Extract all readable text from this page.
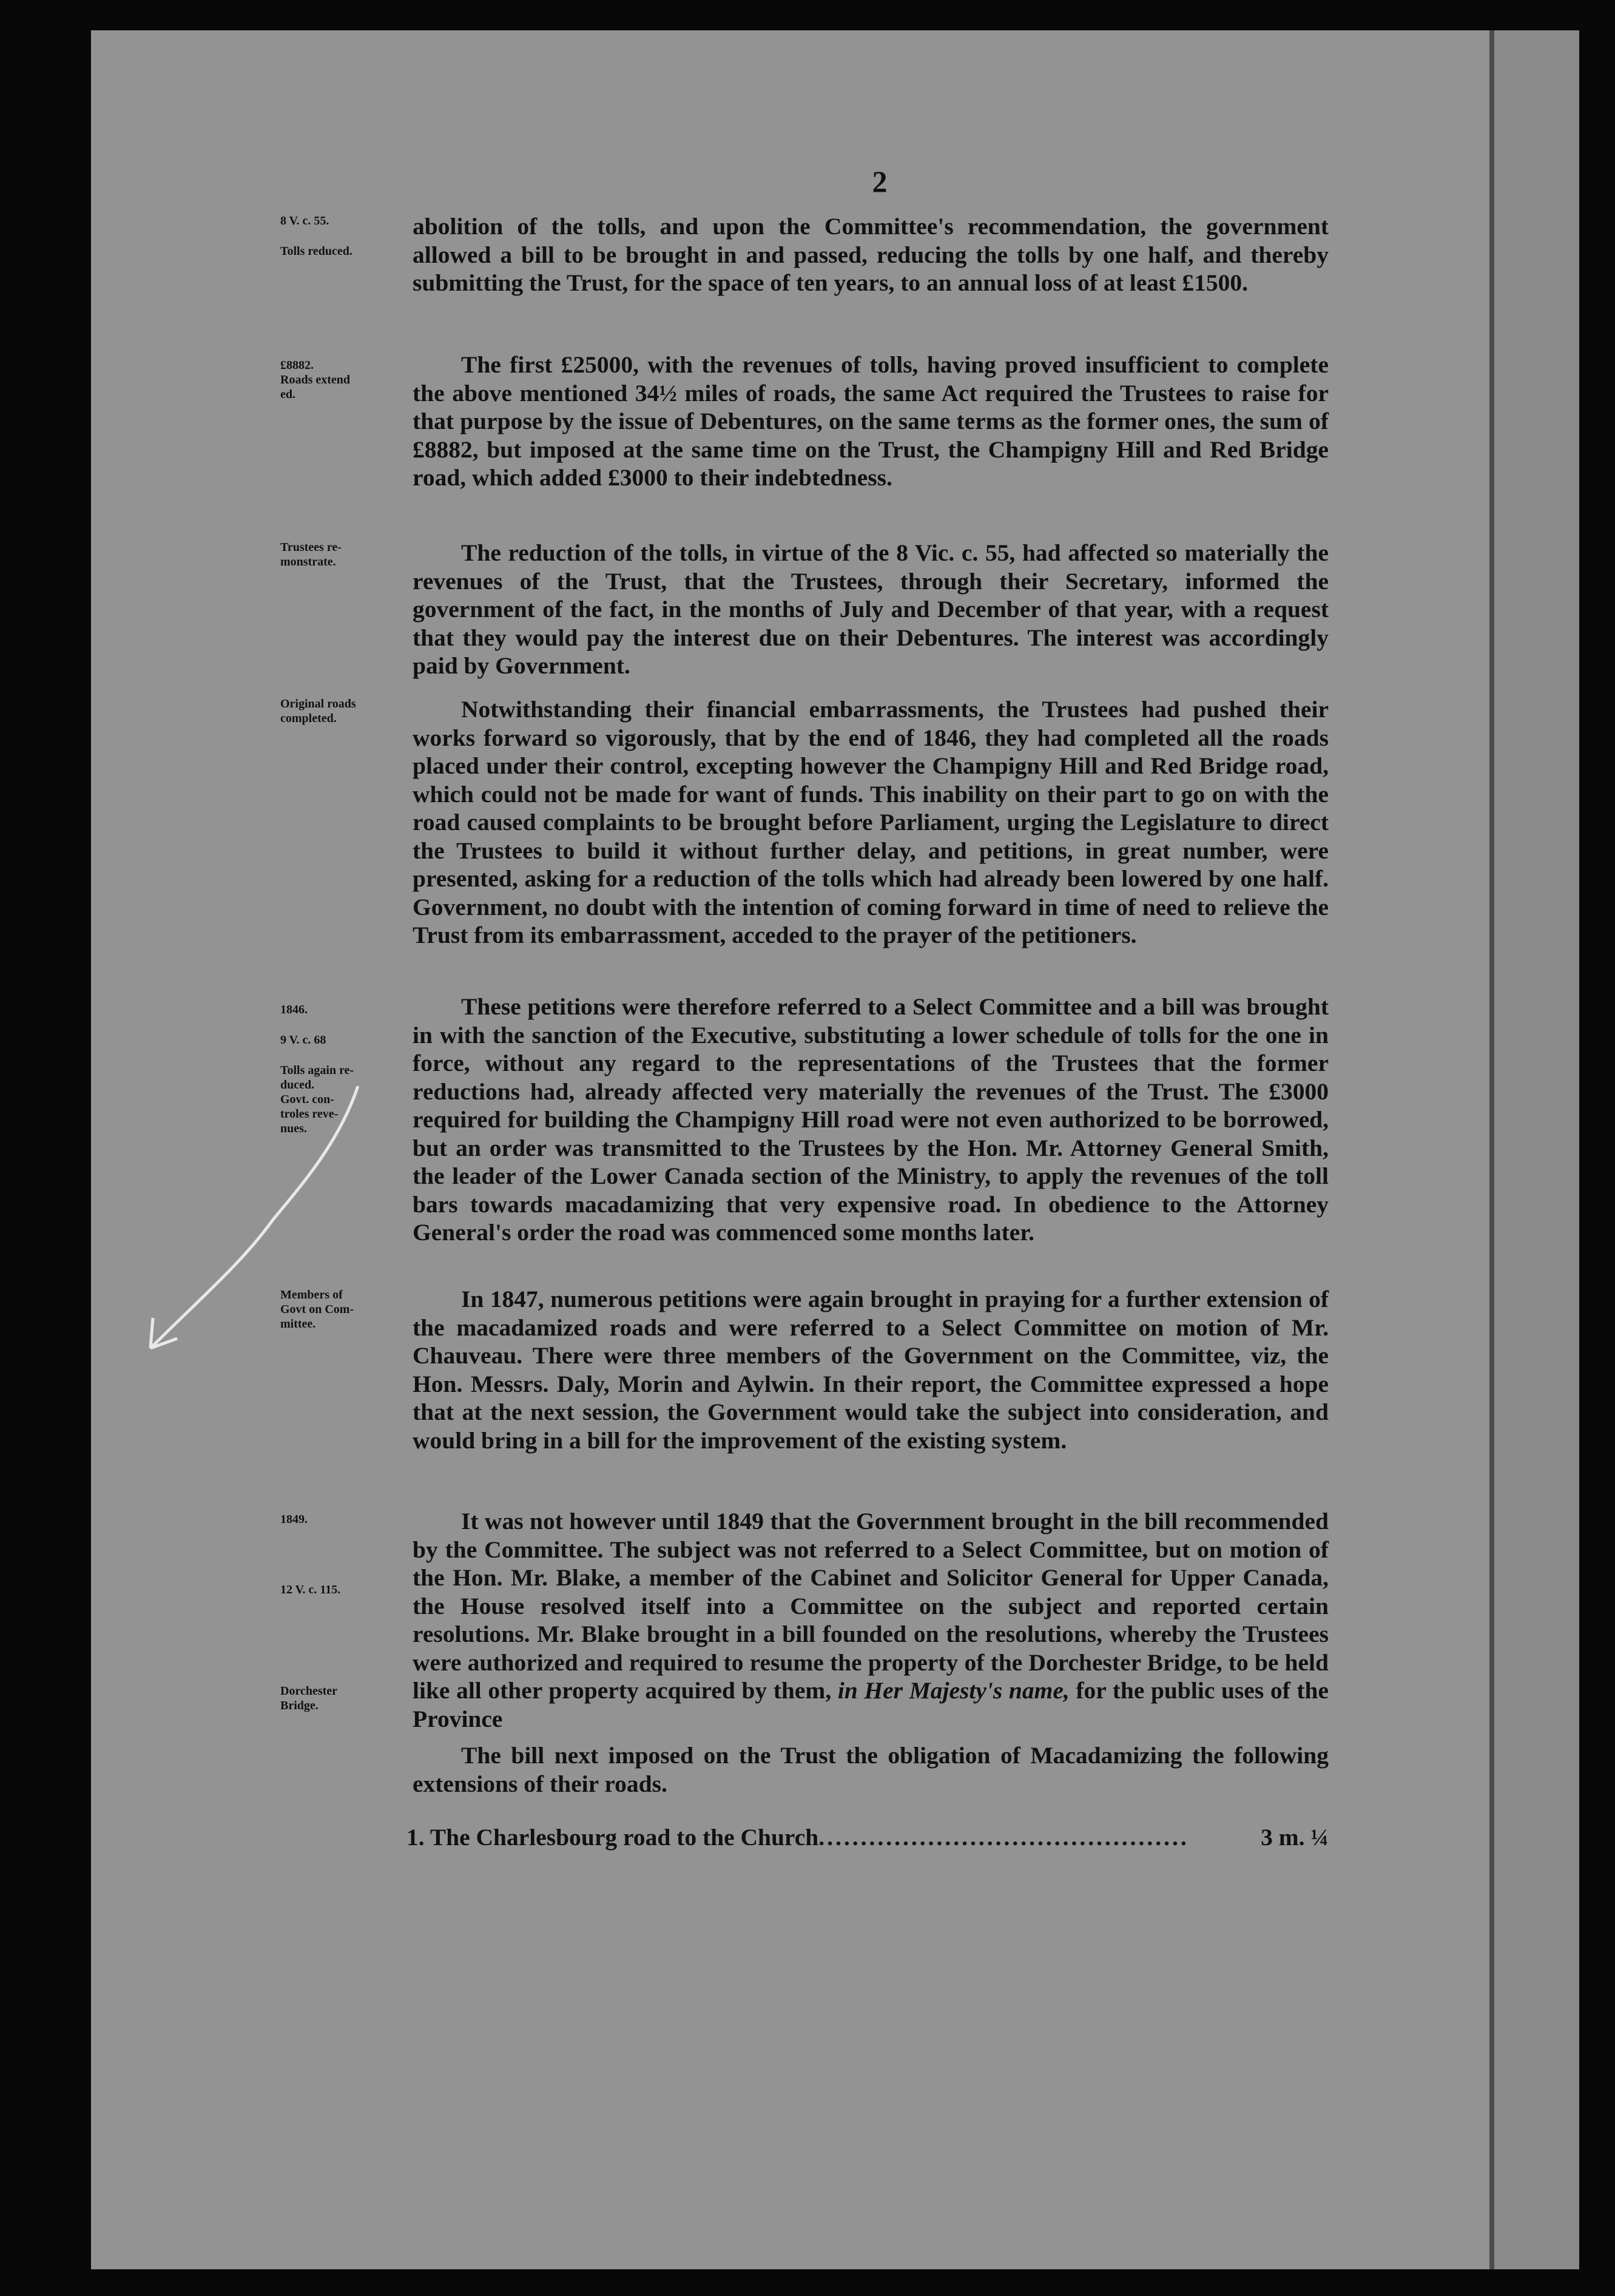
2
8 V. c. 55.
Tolls reduced.
£8882.
Roads extend
ed.
Trustees re-
monstrate.
Original roads
completed.
1846.
9 V. c. 68
Tolls again re-
duced.
Govt. con-
troles reve-
nues.
Members of
Govt on Com-
mittee.
1849.
12 V. c. 115.
Dorchester
Bridge.

abolition of the tolls, and upon the Committee's recommendation, the government allowed a bill to be brought in and passed, reducing the tolls by one half, and thereby submitting the Trust, for the space of ten years, to an annual loss of at least £1500.

The first £25000, with the revenues of tolls, having proved insufficient to complete the above mentioned 34½ miles of roads, the same Act required the Trustees to raise for that purpose by the issue of Debentures, on the same terms as the former ones, the sum of £8882, but imposed at the same time on the Trust, the Champigny Hill and Red Bridge road, which added £3000 to their indebtedness.

The reduction of the tolls, in virtue of the 8 Vic. c. 55, had affected so materially the revenues of the Trust, that the Trustees, through their Secretary, informed the government of the fact, in the months of July and December of that year, with a request that they would pay the interest due on their Debentures. The interest was accordingly paid by Government.

Notwithstanding their financial embarrassments, the Trustees had pushed their works forward so vigorously, that by the end of 1846, they had completed all the roads placed under their control, excepting however the Champigny Hill and Red Bridge road, which could not be made for want of funds. This inability on their part to go on with the road caused complaints to be brought before Parliament, urging the Legislature to direct the Trustees to build it without further delay, and petitions, in great number, were presented, asking for a reduction of the tolls which had already been lowered by one half. Government, no doubt with the intention of coming forward in time of need to relieve the Trust from its embarrassment, acceded to the prayer of the petitioners.

These petitions were therefore referred to a Select Committee and a bill was brought in with the sanction of the Executive, substituting a lower schedule of tolls for the one in force, without any regard to the representations of the Trustees that the former reductions had, already affected very materially the revenues of the Trust. The £3000 required for building the Champigny Hill road were not even authorized to be borrowed, but an order was transmitted to the Trustees by the Hon. Mr. Attorney General Smith, the leader of the Lower Canada section of the Ministry, to apply the revenues of the toll bars towards macadamizing that very expensive road. In obedience to the Attorney General's order the road was commenced some months later.

In 1847, numerous petitions were again brought in praying for a further extension of the macadamized roads and were referred to a Select Committee on motion of Mr. Chauveau. There were three members of the Government on the Committee, viz, the Hon. Messrs. Daly, Morin and Aylwin. In their report, the Committee expressed a hope that at the next session, the Government would take the subject into consideration, and would bring in a bill for the improvement of the existing system.

It was not however until 1849 that the Government brought in the bill recommended by the Committee. The subject was not referred to a Select Committee, but on motion of the Hon. Mr. Blake, a member of the Cabinet and Solicitor General for Upper Canada, the House resolved itself into a Committee on the subject and reported certain resolutions. Mr. Blake brought in a bill founded on the resolutions, whereby the Trustees were authorized and required to resume the property of the Dorchester Bridge, to be held like all other property acquired by them, in Her Majesty's name, for the public uses of the Province

The bill next imposed on the Trust the obligation of Macadamizing the following extensions of their roads.

1. The Charlesbourg road to the Church ............................................	3 m. ¼
